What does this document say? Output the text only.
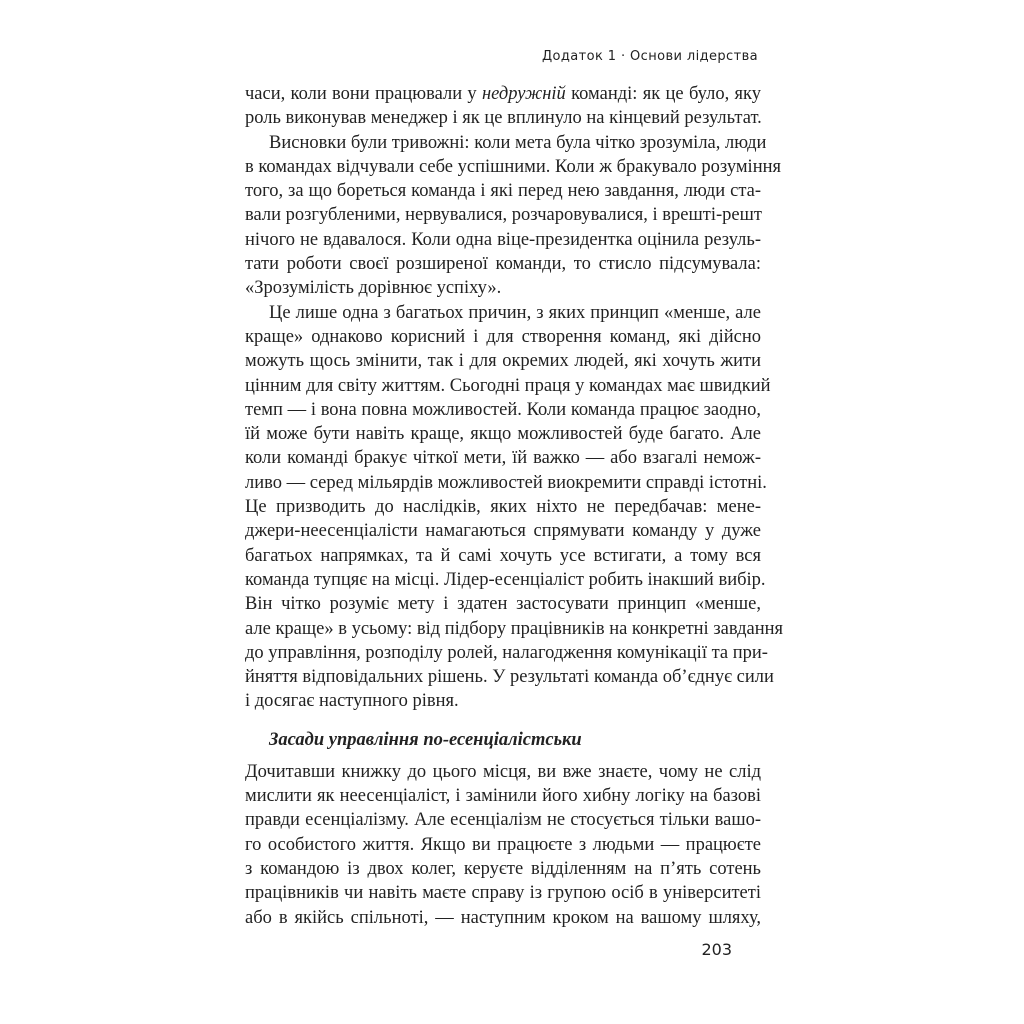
Додаток 1 · Основи лідерства

часи, коли вони працювали у недружній команді: як це було, яку
роль виконував менеджер і як це вплинуло на кінцевий результат.

Висновки були тривожні: коли мета була чітко зрозуміла, люди
в командах відчували себе успішними. Коли ж бракувало розуміння
того, за що бореться команда і які перед нею завдання, люди ста-
вали розгубленими, нервувалися, розчаровувалися, і врешті-решт
нічого не вдавалося. Коли одна віце-президентка оцінила резуль-
тати роботи своєї розширеної команди, то стисло підсумувала:
«Зрозумілість дорівнює успіху».

Це лише одна з багатьох причин, з яких принцип «менше, але
краще» однаково корисний і для створення команд, які дійсно
можуть щось змінити, так і для окремих людей, які хочуть жити
цінним для світу життям. Сьогодні праця у командах має швидкий
темп — і вона повна можливостей. Коли команда працює заодно,
їй може бути навіть краще, якщо можливостей буде багато. Але
коли команді бракує чіткої мети, їй важко — або взагалі немож-
ливо — серед мільярдів можливостей виокремити справді істотні.
Це призводить до наслідків, яких ніхто не передбачав: мене-
джери-неесенціалісти намагаються спрямувати команду у дуже
багатьох напрямках, та й самі хочуть усе встигати, а тому вся
команда тупцяє на місці. Лідер-есенціаліст робить інакший вибір.
Він чітко розуміє мету і здатен застосувати принцип «менше,
але краще» в усьому: від підбору працівників на конкретні завдання
до управління, розподілу ролей, налагодження комунікації та при-
йняття відповідальних рішень. У результаті команда об’єднує сили
і досягає наступного рівня.

Засади управління по-есенціалістськи

Дочитавши книжку до цього місця, ви вже знаєте, чому не слід
мислити як неесенціаліст, і замінили його хибну логіку на базові
правди есенціалізму. Але есенціалізм не стосується тільки вашо-
го особистого життя. Якщо ви працюєте з людьми — працюєте
з командою із двох колег, керуєте відділенням на п’ять сотень
працівників чи навіть маєте справу із групою осіб в університеті
або в якійсь спільноті, — наступним кроком на вашому шляху,

203
